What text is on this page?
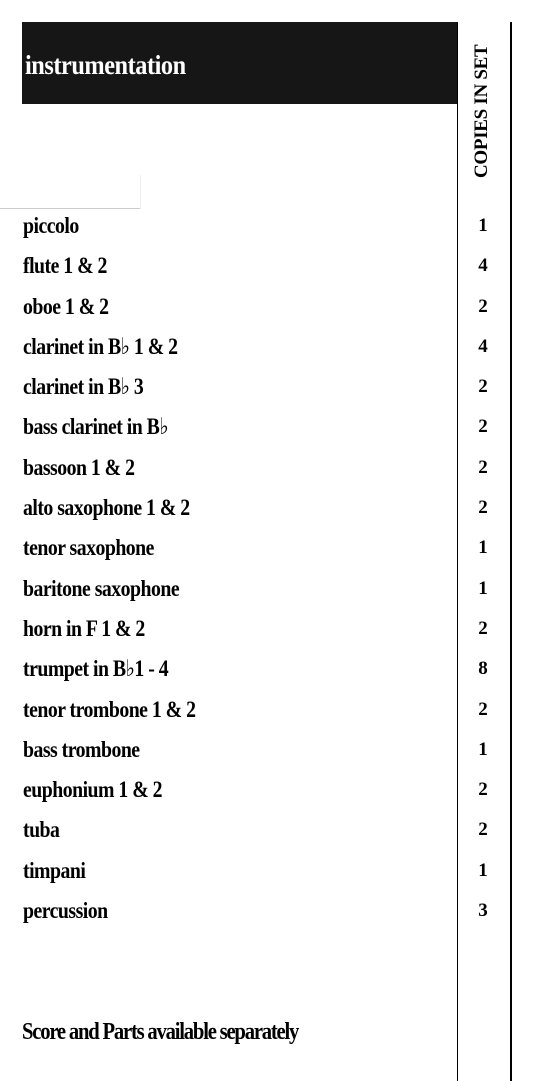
instrumentation	COPIES IN SET
piccolo	1
flute 1 & 2	4
oboe 1 & 2	2
clarinet in B♭ 1 & 2	4
clarinet in B♭ 3	2
bass clarinet in B♭	2
bassoon 1 & 2	2
alto saxophone 1 & 2	2
tenor saxophone	1
baritone saxophone	1
horn in F 1 & 2	2
trumpet in B♭1 - 4	8
tenor trombone 1 & 2	2
bass trombone	1
euphonium 1 & 2	2
tuba	2
timpani	1
percussion	3
Score and Parts available separately
